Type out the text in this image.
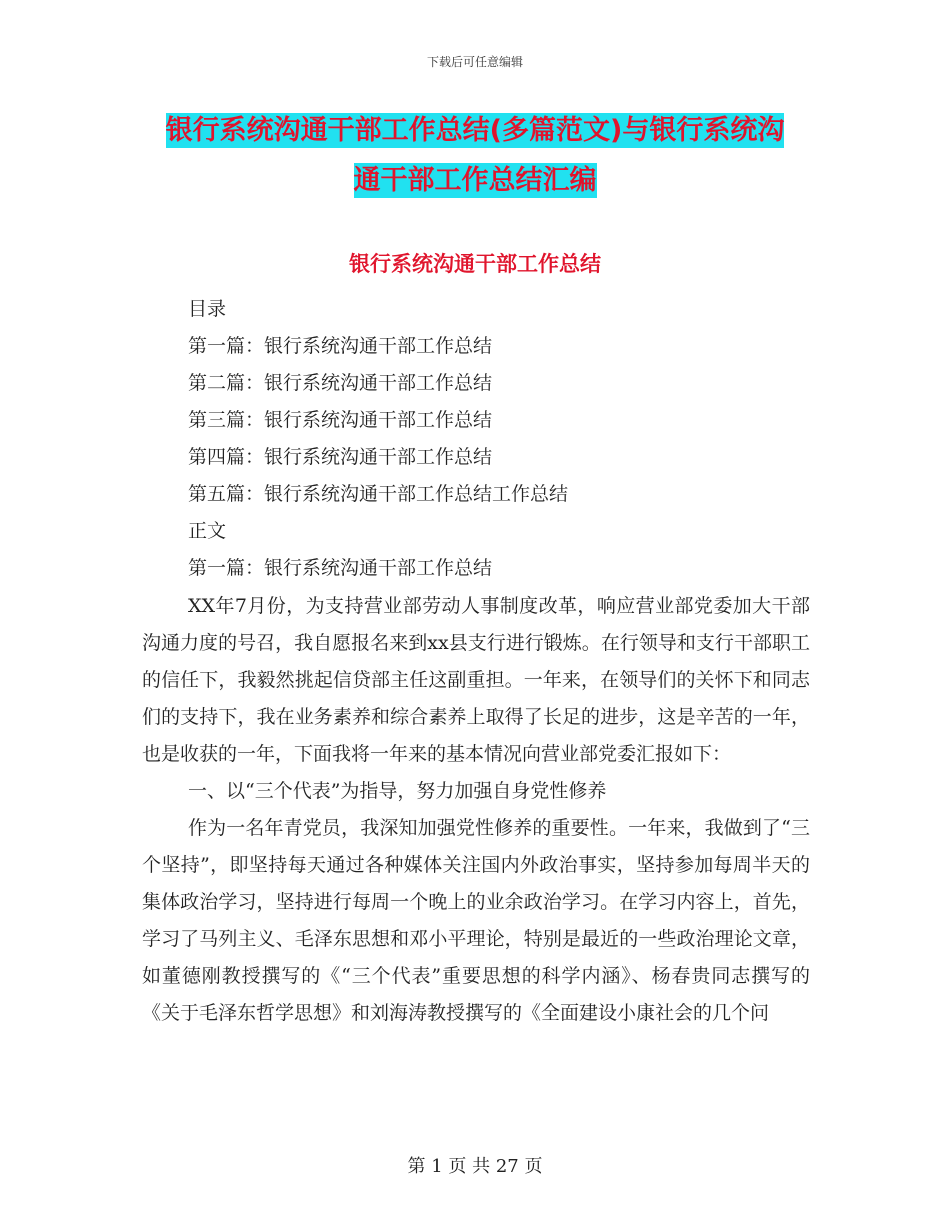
下载后可任意编辑
银行系统沟通干部工作总结(多篇范文)与银行系统沟
通干部工作总结汇编
银行系统沟通干部工作总结
目录
第一篇：银行系统沟通干部工作总结
第二篇：银行系统沟通干部工作总结
第三篇：银行系统沟通干部工作总结
第四篇：银行系统沟通干部工作总结
第五篇：银行系统沟通干部工作总结工作总结
正文
第一篇：银行系统沟通干部工作总结
XX年7月份，为支持营业部劳动人事制度改革，响应营业部党委加大干部沟通力度的号召，我自愿报名来到xx县支行进行锻炼。在行领导和支行干部职工的信任下，我毅然挑起信贷部主任这副重担。一年来，在领导们的关怀下和同志们的支持下，我在业务素养和综合素养上取得了长足的进步，这是辛苦的一年，也是收获的一年，下面我将一年来的基本情况向营业部党委汇报如下：
一、以“三个代表”为指导，努力加强自身党性修养
作为一名年青党员，我深知加强党性修养的重要性。一年来，我做到了“三个坚持”，即坚持每天通过各种媒体关注国内外政治事实，坚持参加每周半天的集体政治学习，坚持进行每周一个晚上的业余政治学习。在学习内容上，首先，学习了马列主义、毛泽东思想和邓小平理论，特别是最近的一些政治理论文章，如董德刚教授撰写的《“三个代表”重要思想的科学内涵》、杨春贵同志撰写的《关于毛泽东哲学思想》和刘海涛教授撰写的《全面建设小康社会的几个问
第 1 页 共 27 页
